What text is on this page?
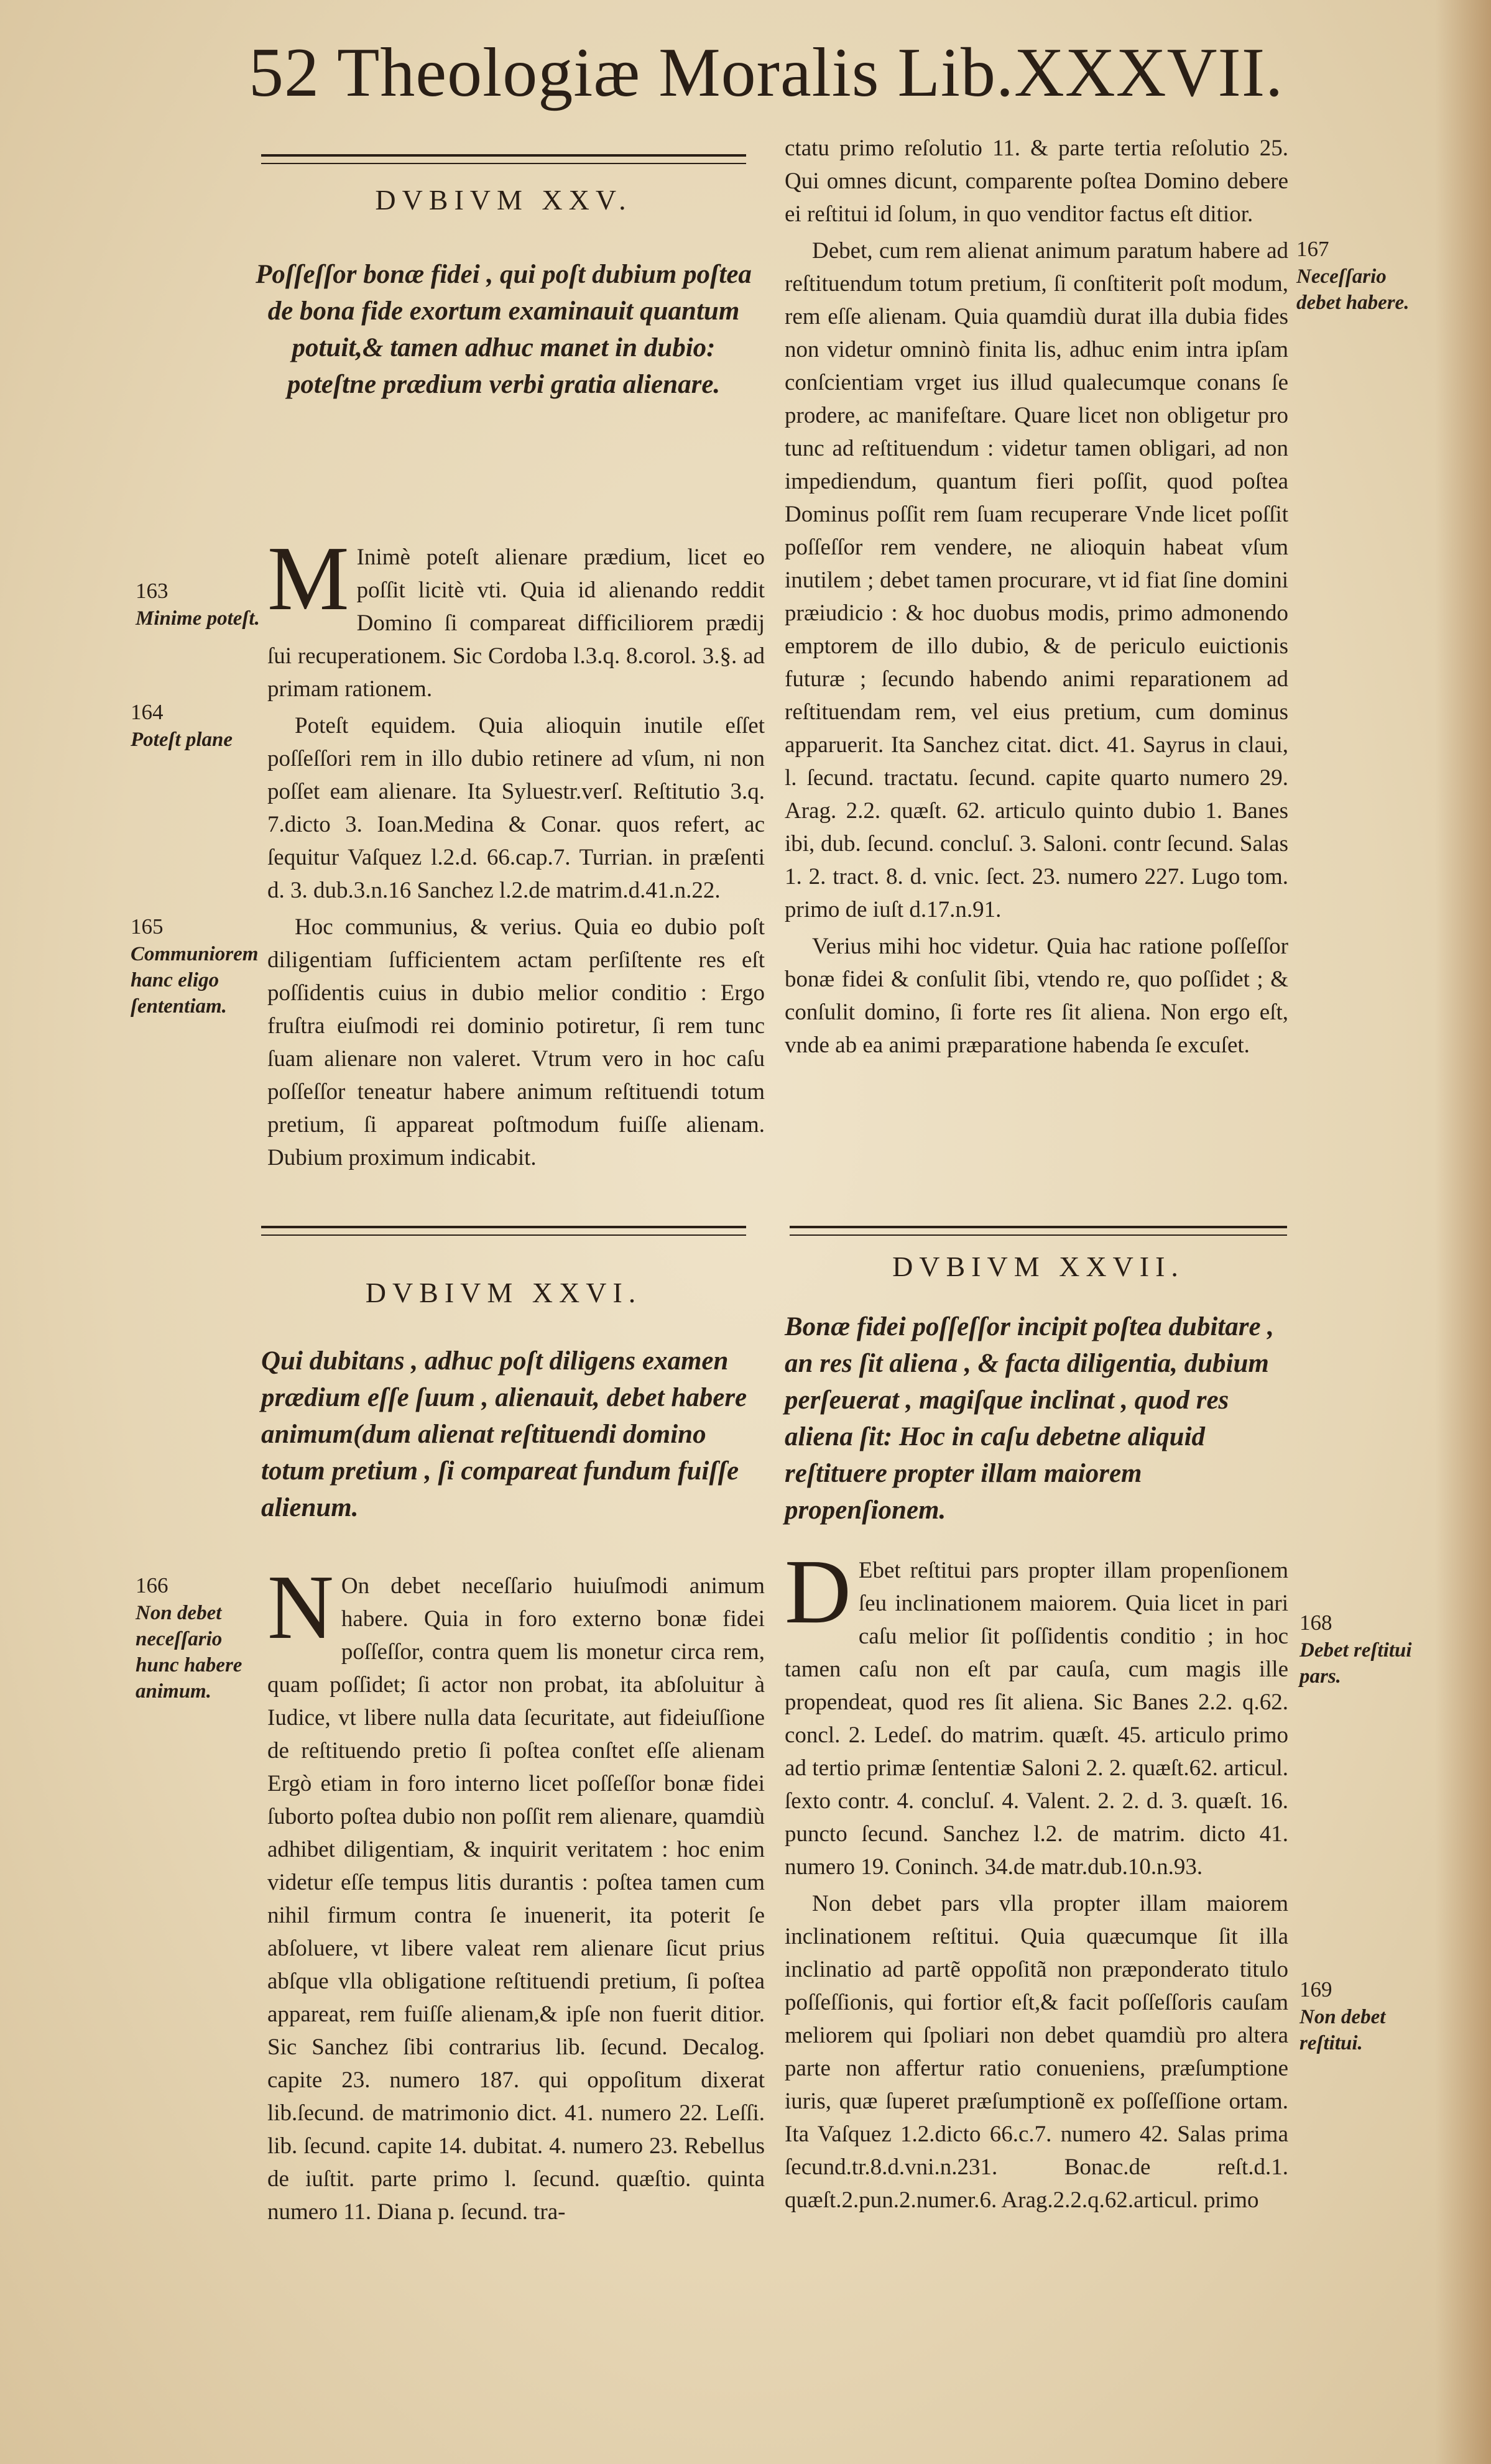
52 Theologiæ Moralis Lib.XXXVII.
DVBIVM XXV.
Poſſeſſor bonæ fidei , qui poſt dubium poſtea de bona fide exortum examinauit quantum potuit,& tamen adhuc manet in dubio: poteſtne prædium verbi gratia alienare.

M Inimè poteſt alienare prædium, licet eo poſſit licitè vti. Quia id alienando reddit Domino ſi compareat difficiliorem prædij ſui recuperationem. Sic Cordoba l.3.q. 8.corol. 3.§. ad primam rationem.

Poteſt equidem. Quia alioquin inutile eſſet poſſeſſori rem in illo dubio retinere ad vſum, ni non poſſet eam alienare. Ita Syluestr.verſ. Reſtitutio 3.q. 7.dicto 3. Ioan.Medina & Conar. quos refert, ac ſequitur Vaſquez l.2.d. 66.cap.7. Turrian. in præſenti d. 3. dub.3.n.16 Sanchez l.2.de matrim.d.41.n.22.

Hoc communius, & verius. Quia eo dubio poſt diligentiam ſufficientem actam perſiſtente res eſt poſſidentis cuius in dubio melior conditio : Ergo fruſtra eiuſmodi rei dominio potiretur, ſi rem tunc ſuam alienare non valeret. Vtrum vero in hoc caſu poſſeſſor teneatur habere animum reſtituendi totum pretium, ſi appareat poſtmodum fuiſſe alienam. Dubium proximum indicabit.

DVBIVM XXVI.
Qui dubitans , adhuc poſt diligens examen prædium eſſe ſuum , alienauit, debet habere animum(dum alienat reſtituendi domino totum pretium , ſi compareat fundum fuiſſe alienum.

N On debet neceſſario huiuſmodi animum habere. Quia in foro externo bonæ fidei poſſeſſor, contra quem lis monetur circa rem, quam poſſidet; ſi actor non probat, ita abſoluitur à Iudice, vt libere nulla data ſecuritate, aut fideiuſſione de reſtituendo pretio ſi poſtea conſtet eſſe alienam Ergò etiam in foro interno licet poſſeſſor bonæ fidei ſuborto poſtea dubio non poſſit rem alienare, quamdiù adhibet diligentiam, & inquirit veritatem : hoc enim videtur eſſe tempus litis durantis : poſtea tamen cum nihil firmum contra ſe inuenerit, ita poterit ſe abſoluere, vt libere valeat rem alienare ſicut prius abſque vlla obligatione reſtituendi pretium, ſi poſtea appareat, rem fuiſſe alienam,& ipſe non fuerit ditior. Sic Sanchez ſibi contrarius lib. ſecund. Decalog. capite 23. numero 187. qui oppoſitum dixerat lib.ſecund. de matrimonio dict. 41. numero 22. Leſſi. lib. ſecund. capite 14. dubitat. 4. numero 23. Rebellus de iuſtit. parte primo l. ſecund. quæſtio. quinta numero 11. Diana p. ſecund. tra-

ctatu primo reſolutio 11. & parte tertia reſolutio 25. Qui omnes dicunt, comparente poſtea Domino debere ei reſtitui id ſolum, in quo venditor factus eſt ditior.

Debet, cum rem alienat animum paratum habere ad reſtituendum totum pretium, ſi conſtiterit poſt modum, rem eſſe alienam. Quia quamdiù durat illa dubia fides non videtur omninò finita lis, adhuc enim intra ipſam conſcientiam vrget ius illud qualecumque conans ſe prodere, ac manifeſtare. Quare licet non obligetur pro tunc ad reſtituendum : videtur tamen obligari, ad non impediendum, quantum fieri poſſit, quod poſtea Dominus poſſit rem ſuam recuperare Vnde licet poſſit poſſeſſor rem vendere, ne alioquin habeat vſum inutilem ; debet tamen procurare, vt id fiat ſine domini præiudicio : & hoc duobus modis, primo admonendo emptorem de illo dubio, & de periculo euictionis futuræ ; ſecundo habendo animi reparationem ad reſtituendam rem, vel eius pretium, cum dominus apparuerit. Ita Sanchez citat. dict. 41. Sayrus in claui, l. ſecund. tractatu. ſecund. capite quarto numero 29. Arag. 2.2. quæſt. 62. articulo quinto dubio 1. Banes ibi, dub. ſecund. concluſ. 3. Saloni. contr ſecund. Salas 1. 2. tract. 8. d. vnic. ſect. 23. numero 227. Lugo tom. primo de iuſt d.17.n.91.

Verius mihi hoc videtur. Quia hac ratione poſſeſſor bonæ fidei & conſulit ſibi, vtendo re, quo poſſidet ; & conſulit domino, ſi forte res ſit aliena. Non ergo eſt, vnde ab ea animi præparatione habenda ſe excuſet.

DVBIVM XXVII.
Bonæ fidei poſſeſſor incipit poſtea dubitare , an res ſit aliena , & facta diligentia, dubium perſeuerat , magiſque inclinat , quod res aliena ſit: Hoc in caſu debetne aliquid reſtituere propter illam maiorem propenſionem.

D Ebet reſtitui pars propter illam propenſionem ſeu inclinationem maiorem. Quia licet in pari caſu melior ſit poſſidentis conditio ; in hoc tamen caſu non eſt par cauſa, cum magis ille propendeat, quod res ſit aliena. Sic Banes 2.2. q.62. concl. 2. Ledeſ. do matrim. quæſt. 45. articulo primo ad tertio primæ ſententiæ Saloni 2. 2. quæſt.62. articul. ſexto contr. 4. concluſ. 4. Valent. 2. 2. d. 3. quæſt. 16. puncto ſecund. Sanchez l.2. de matrim. dicto 41. numero 19. Coninch. 34.de matr.dub.10.n.93.

Non debet pars vlla propter illam maiorem inclinationem reſtitui. Quia quæcumque ſit illa inclinatio ad partẽ oppoſitã non præponderato titulo poſſeſſionis, qui fortior eſt,& facit poſſeſſoris cauſam meliorem qui ſpoliari non debet quamdiù pro altera parte non affertur ratio conueniens, præſumptione iuris, quæ ſuperet præſumptionẽ ex poſſeſſione ortam. Ita Vaſquez 1.2.dicto 66.c.7. numero 42. Salas prima ſecund.tr.8.d.vni.n.231. Bonac.de reſt.d.1. quæſt.2.pun.2.numer.6. Arag.2.2.q.62.articul. primo

163
Minime poteſt.
164
Poteſt plane
165
Communiorem hanc eligo ſententiam.
166
Non debet neceſſario hunc habere animum.
167
Neceſſario debet habere.
168
Debet reſtitui pars.
169
Non debet reſtitui.
